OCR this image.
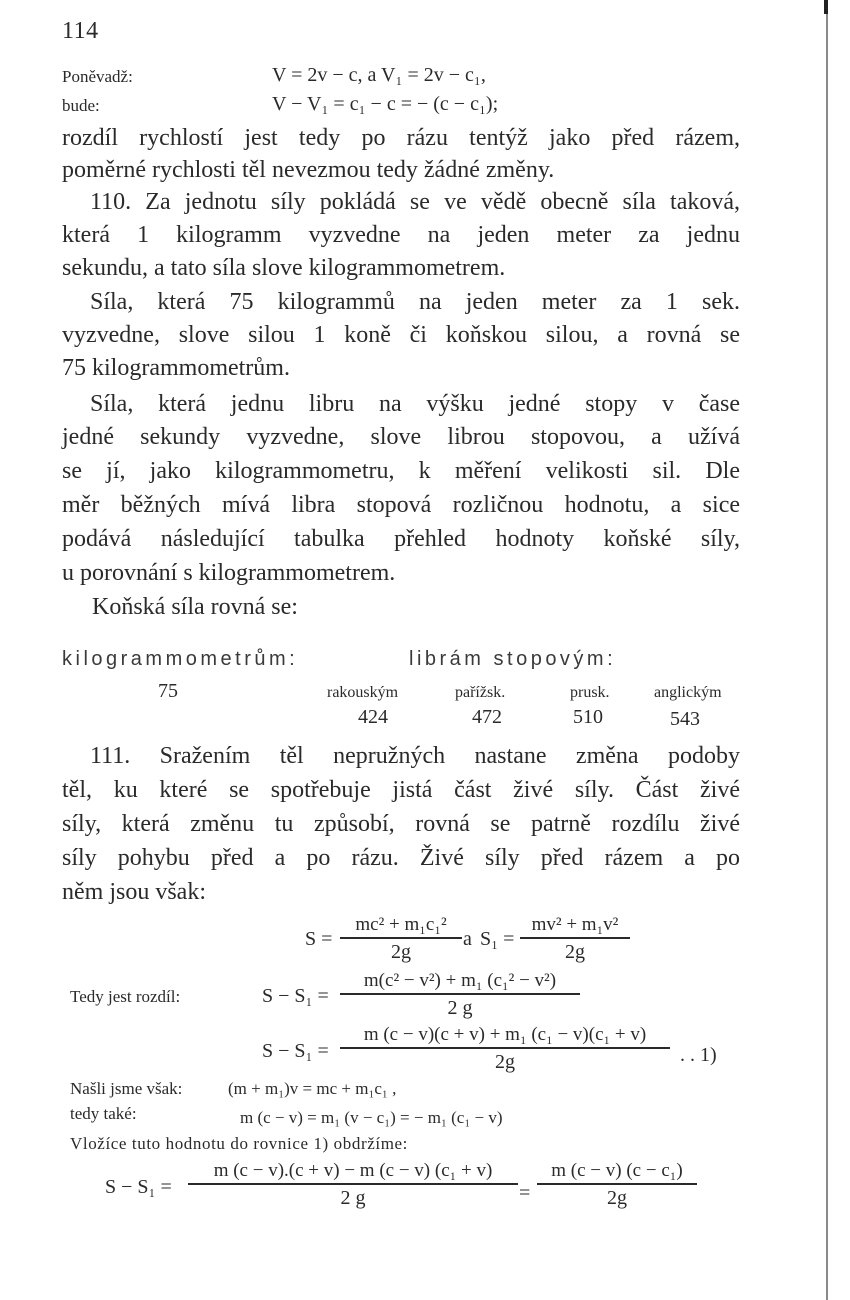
114
Poněvadž:	V = 2v − c, a V₁ = 2v − c₁,
bude:	V − V₁ = c₁ − c = − (c − c₁);
rozdíl rychlostí jest tedy po rázu tentýž jako před rázem,
poměrné rychlosti těl nevezmou tedy žádné změny.
110. Za jednotu síly pokládá se ve vědě obecně síla taková,
která 1 kilogramm vyzvedne na jeden meter za jednu
sekundu, a tato síla slove kilogrammometrem.
Síla, která 75 kilogrammů na jeden meter za 1 sek.
vyzvedne, slove silou 1 koně či koňskou silou, a rovná se
75 kilogrammometrům.
Síla, která jednu libru na výšku jedné stopy v čase
jedné sekundy vyzvedne, slove librou stopovou, a užívá
se jí, jako kilogrammometru, k měření velikosti sil. Dle
měr běžných mívá libra stopová rozličnou hodnotu, a sice
podává následující tabulka přehled hodnoty koňské síly,
u porovnání s kilogrammometrem.
Koňská síla rovná se:
kilogrammometrům:	librám stopovým:
75	rakouským	pařížsk.	prusk.	anglickým
424	472	510	543
111. Sražením těl nepružných nastane změna podoby
těl, ku které se spotřebuje jistá část živé síly. Část živé
síly, která změnu tu způsobí, rovná se patrně rozdílu živé
síly pohybu před a po rázu. Živé síly před rázem a po
něm jsou však:
S =
mc² + m₁c₁²
2g
a S₁ =
mv² + m₁v²
2g
Tedy jest rozdíl:	S − S₁ =
m(c² − v²) + m₁ (c₁² − v²)
2 g
S − S₁ =
m (c − v)(c + v) + m₁ (c₁ − v)(c₁ + v)
2g	. . 1)
Našli jsme však:	(m + m₁)v = mc + m₁c₁ ,
tedy také:	m (c − v) = m₁ (v − c₁) = − m₁ (c₁ − v)
Vložíce tuto hodnotu do rovnice 1) obdržíme:
S − S₁ =
m (c − v).(c + v) − m (c − v) (c₁ + v)
2 g	=
m (c − v) (c − c₁)
2g
